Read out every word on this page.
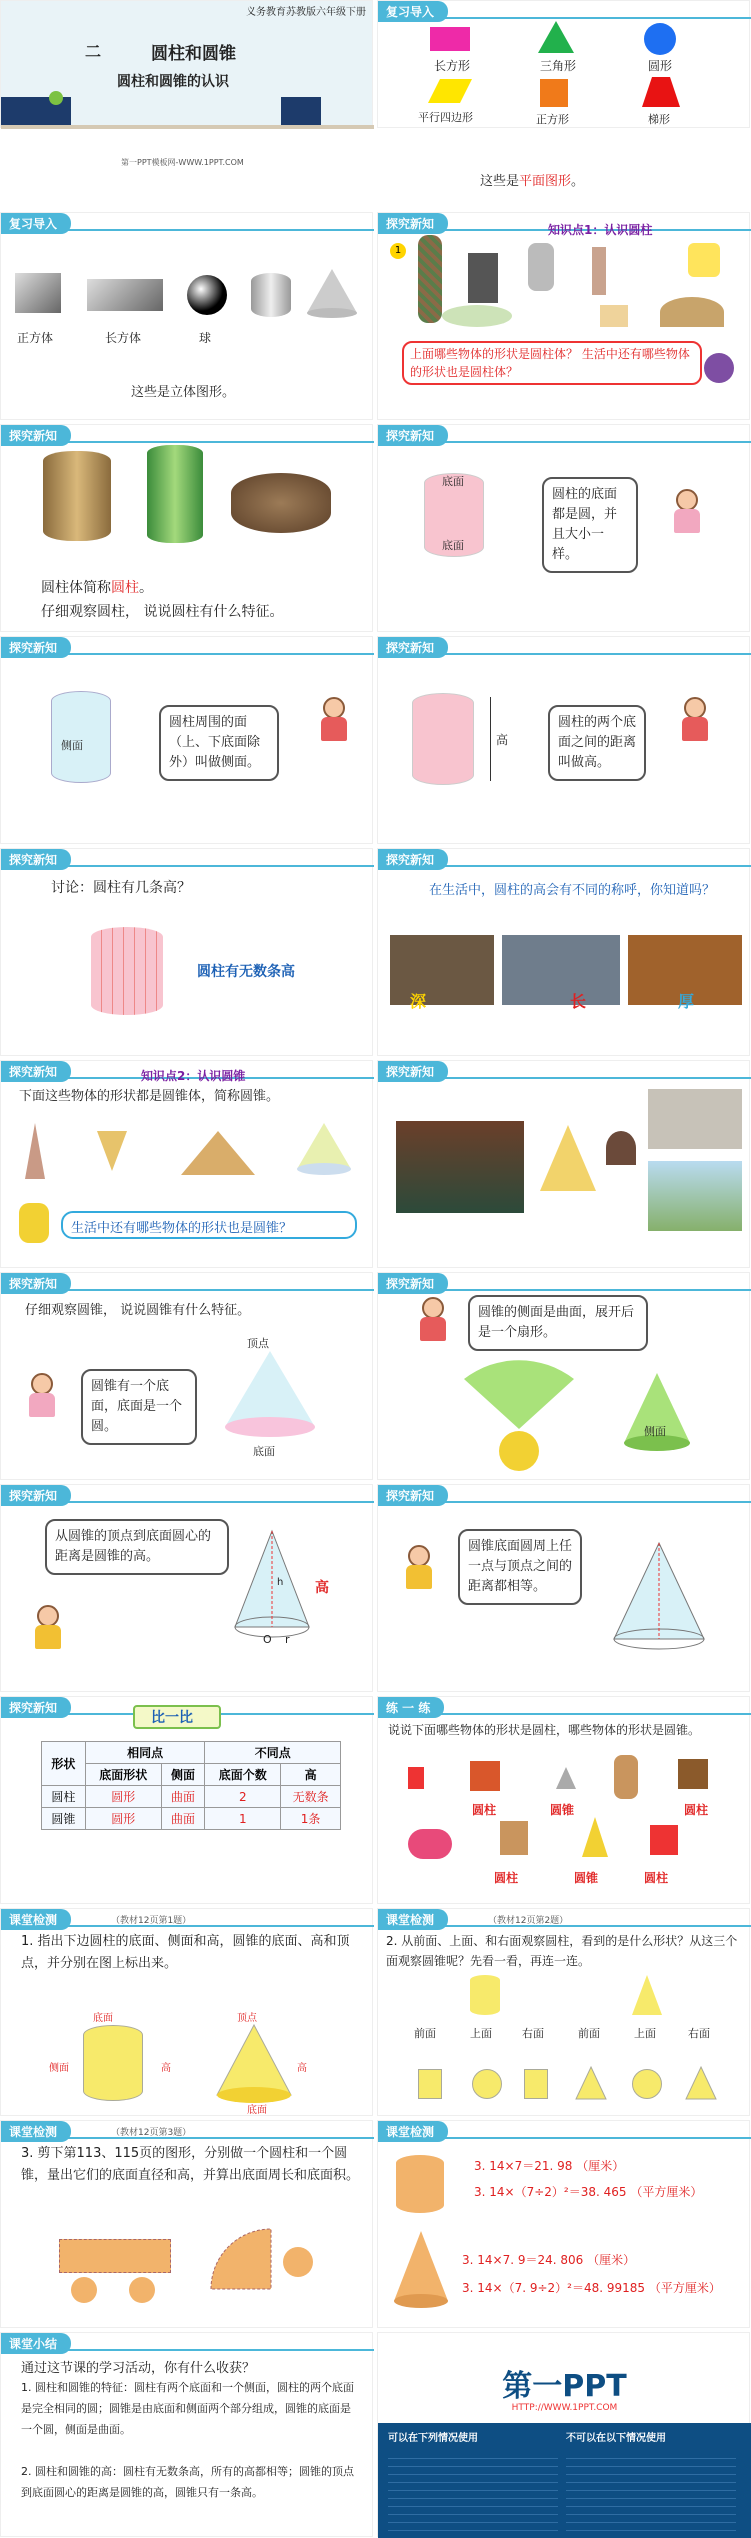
义务教育苏教版六年级下册
二	圆柱和圆锥
圆柱和圆锥的认识
第一PPT模板网-WWW.1PPT.COM
复习导入
长方形	三角形	圆形
平行四边形	正方形	梯形
这些是平面图形。
复习导入
正方体	长方体	球
这些是立体图形。
探究新知	知识点1：认识圆柱
1
上面哪些物体的形状是圆柱体？ 生活中还有哪些物体的形状也是圆柱体？
探究新知
圆柱体简称圆柱。
仔细观察圆柱， 说说圆柱有什么特征。
探究新知
底面
底面
圆柱的底面都是圆，并且大小一样。
探究新知
侧面
圆柱周围的面（上、下底面除外）叫做侧面。
探究新知
高
圆柱的两个底面之间的距离叫做高。
探究新知
讨论：圆柱有几条高？
圆柱有无数条高
探究新知
在生活中，圆柱的高会有不同的称呼，你知道吗？
深	长	厚
探究新知	知识点2：认识圆锥
下面这些物体的形状都是圆锥体，简称圆锥。
生活中还有哪些物体的形状也是圆锥？
探究新知
探究新知
仔细观察圆锥， 说说圆锥有什么特征。
顶点
底面
圆锥有一个底面，底面是一个圆。
探究新知
圆锥的侧面是曲面，展开后是一个扇形。
侧面
探究新知
从圆锥的顶点到底面圆心的距离是圆锥的高。
h
O r
高
探究新知
圆锥底面圆周上任一点与顶点之间的距离都相等。
探究新知
比一比
形状	相同点		不同点	
	底面形状	侧面	底面个数	高
圆柱	圆形	曲面	2	无数条
圆锥	圆形	曲面	1	1条
练 一 练
说说下面哪些物体的形状是圆柱，哪些物体的形状是圆锥。
圆柱	圆锥	圆柱
圆柱	圆锥	圆柱
课堂检测	（教材12页第1题）
1. 指出下边圆柱的底面、侧面和高，圆锥的底面、高和顶点，并分别在图上标出来。
底面
侧面	高
顶点
高
底面
课堂检测	（教材12页第2题）
2. 从前面、上面、和右面观察圆柱，看到的是什么形状？从这三个面观察圆锥呢？先看一看，再连一连。
前面	上面	右面	前面	上面	右面
课堂检测	（教材12页第3题）
3. 剪下第113、115页的图形，分别做一个圆柱和一个圆锥，量出它们的底面直径和高，并算出底面周长和底面积。
课堂检测
3. 14×7＝21. 98 （厘米）
3. 14×（7÷2）²＝38. 465 （平方厘米）
3. 14×7. 9＝24. 806 （厘米）
3. 14×（7. 9÷2）²＝48. 99185 （平方厘米）
课堂小结
通过这节课的学习活动，你有什么收获？
1. 圆柱和圆锥的特征：圆柱有两个底面和一个侧面，圆柱的两个底面是完全相同的圆；圆锥是由底面和侧面两个部分组成，圆锥的底面是一个圆，侧面是曲面。
2. 圆柱和圆锥的高：圆柱有无数条高，所有的高都相等；圆锥的顶点到底面圆心的距离是圆锥的高，圆锥只有一条高。
第一PPT
HTTP://WWW.1PPT.COM
可以在下列情况使用	不可以在以下情况使用
